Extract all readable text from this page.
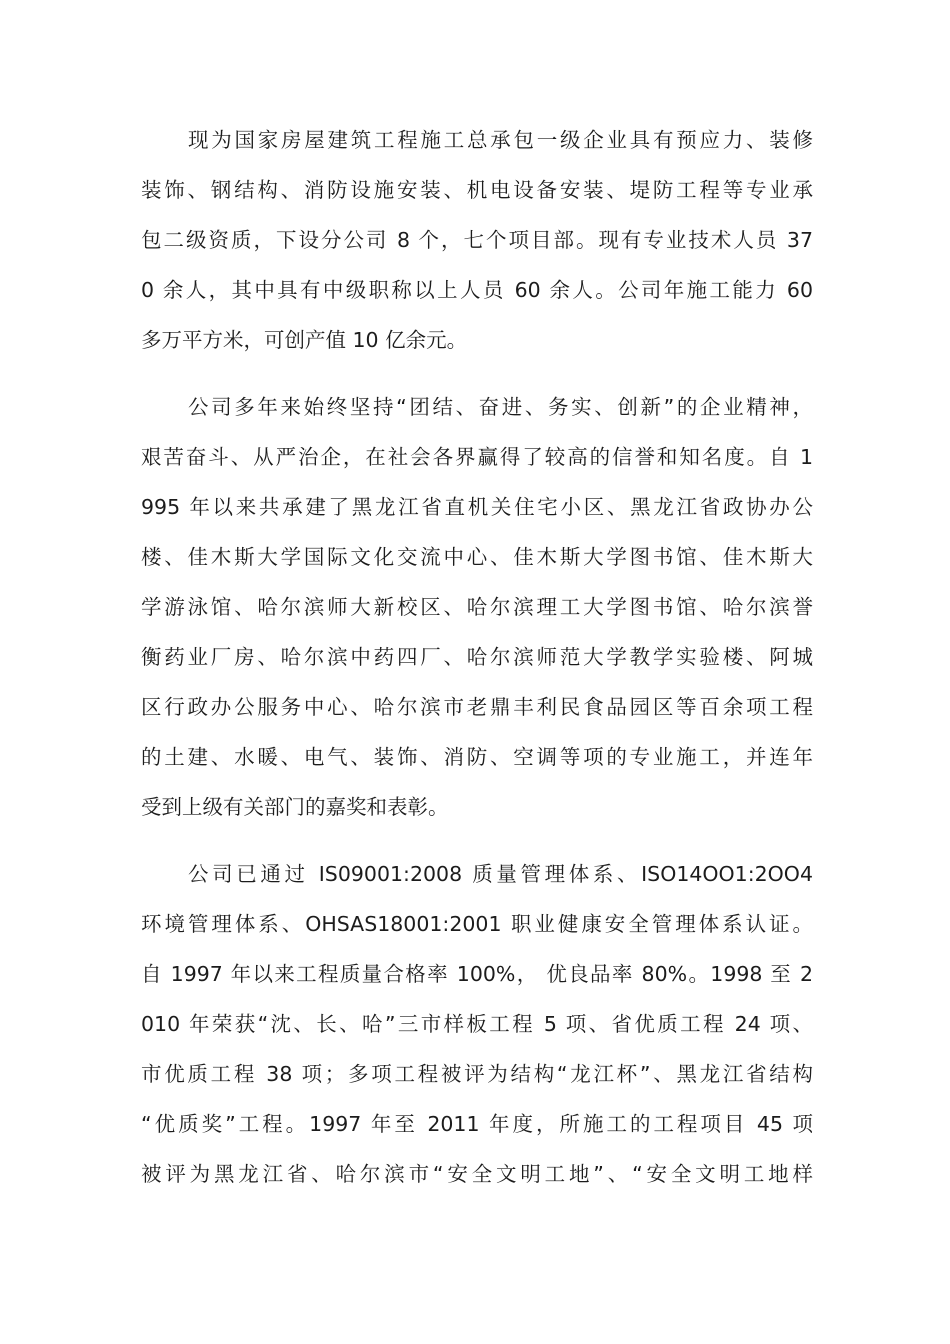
现为国家房屋建筑工程施工总承包一级企业具有预应力、装修
装饰、钢结构、消防设施安装、机电设备安装、堤防工程等专业承
包二级资质，下设分公司 8 个，七个项目部。现有专业技术人员 37
0 余人，其中具有中级职称以上人员 60 余人。公司年施工能力 60
多万平方米，可创产值 10 亿余元。
公司多年来始终坚持“团结、奋进、务实、创新”的企业精神，
艰苦奋斗、从严治企，在社会各界赢得了较高的信誉和知名度。自 1
995 年以来共承建了黑龙江省直机关住宅小区、黑龙江省政协办公
楼、佳木斯大学国际文化交流中心、佳木斯大学图书馆、佳木斯大
学游泳馆、哈尔滨师大新校区、哈尔滨理工大学图书馆、哈尔滨誉
衡药业厂房、哈尔滨中药四厂、哈尔滨师范大学教学实验楼、阿城
区行政办公服务中心、哈尔滨市老鼎丰利民食品园区等百余项工程
的土建、水暖、电气、装饰、消防、空调等项的专业施工，并连年
受到上级有关部门的嘉奖和表彰。
公司已通过 IS09001:2008 质量管理体系、ISO14OO1:2OO4
环境管理体系、OHSAS18001:2001 职业健康安全管理体系认证。
自 1997 年以来工程质量合格率 100%， 优良品率 80%。1998 至 2
010 年荣获“沈、长、哈”三市样板工程 5 项、省优质工程 24 项、
市优质工程 38 项；多项工程被评为结构“龙江杯”、黑龙江省结构
“优质奖”工程。1997 年至 2011 年度，所施工的工程项目 45 项
被评为黑龙江省、哈尔滨市“安全文明工地”、“安全文明工地样
